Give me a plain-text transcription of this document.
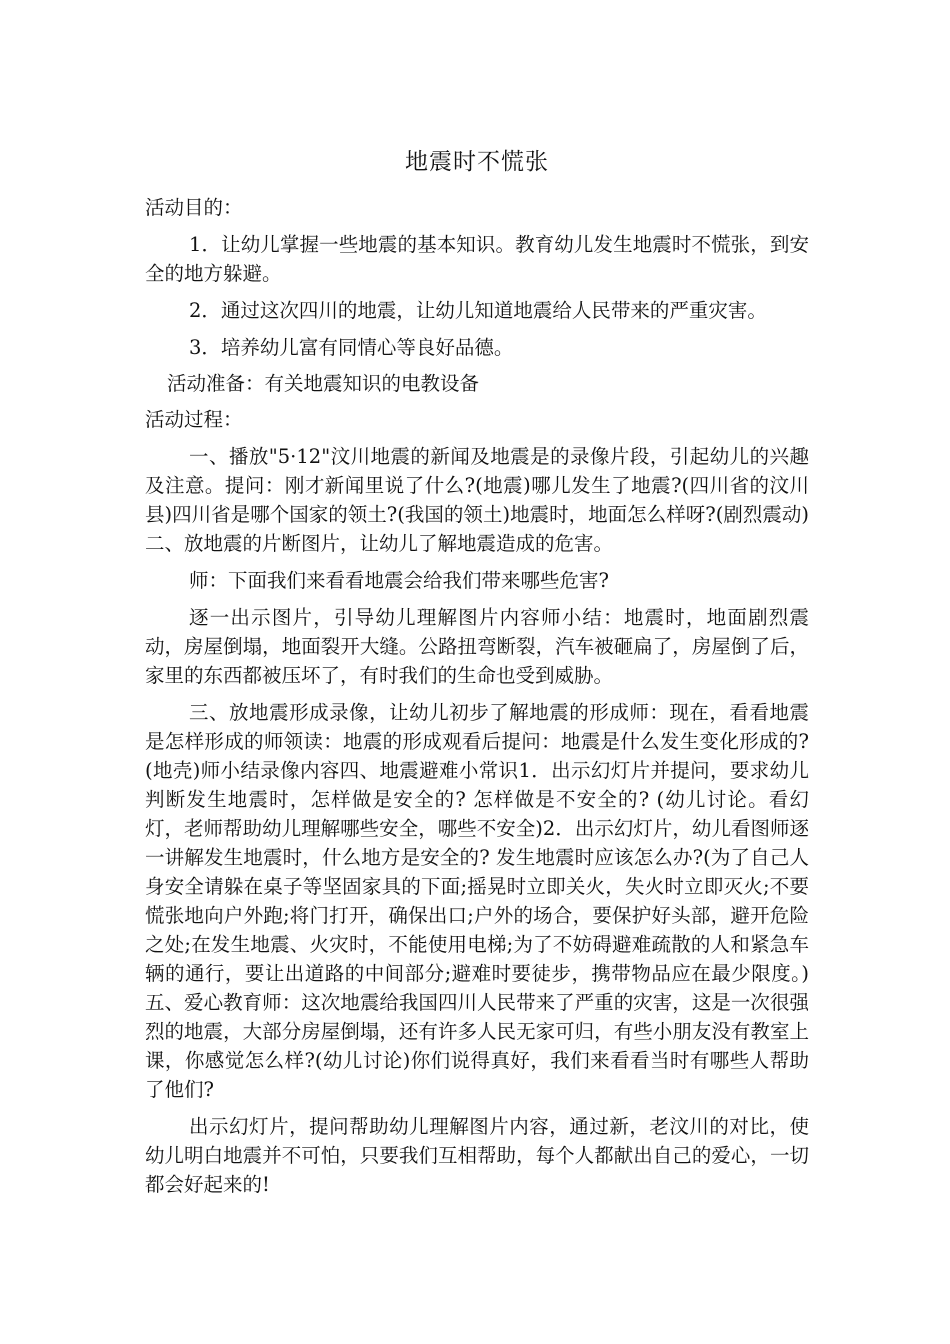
地震时不慌张
活动目的：

1．让幼儿掌握一些地震的基本知识。教育幼儿发生地震时不慌张，到安全的地方躲避。

2．通过这次四川的地震，让幼儿知道地震给人民带来的严重灾害。

3．培养幼儿富有同情心等良好品德。

活动准备：有关地震知识的电教设备
活动过程：

一、播放"5·12"汶川地震的新闻及地震是的录像片段，引起幼儿的兴趣及注意。提问：刚才新闻里说了什么?(地震)哪儿发生了地震?(四川省的汶川县)四川省是哪个国家的领土?(我国的领土)地震时，地面怎么样呀?(剧烈震动)二、放地震的片断图片，让幼儿了解地震造成的危害。

师：下面我们来看看地震会给我们带来哪些危害?

逐一出示图片，引导幼儿理解图片内容师小结：地震时，地面剧烈震动，房屋倒塌，地面裂开大缝。公路扭弯断裂，汽车被砸扁了，房屋倒了后，家里的东西都被压坏了，有时我们的生命也受到威胁。

三、放地震形成录像，让幼儿初步了解地震的形成师：现在，看看地震是怎样形成的师领读：地震的形成观看后提问：地震是什么发生变化形成的?(地壳)师小结录像内容四、地震避难小常识1．出示幻灯片并提问，要求幼儿判断发生地震时，怎样做是安全的? 怎样做是不安全的? (幼儿讨论。看幻灯，老师帮助幼儿理解哪些安全，哪些不安全)2．出示幻灯片，幼儿看图师逐一讲解发生地震时，什么地方是安全的? 发生地震时应该怎么办?(为了自己人身安全请躲在桌子等坚固家具的下面;摇晃时立即关火，失火时立即灭火;不要慌张地向户外跑;将门打开，确保出口;户外的场合，要保护好头部，避开危险之处;在发生地震、火灾时，不能使用电梯;为了不妨碍避难疏散的人和紧急车辆的通行，要让出道路的中间部分;避难时要徒步，携带物品应在最少限度。)五、爱心教育师：这次地震给我国四川人民带来了严重的灾害，这是一次很强烈的地震，大部分房屋倒塌，还有许多人民无家可归，有些小朋友没有教室上课，你感觉怎么样?(幼儿讨论)你们说得真好，我们来看看当时有哪些人帮助了他们?

出示幻灯片，提问帮助幼儿理解图片内容，通过新，老汶川的对比，使幼儿明白地震并不可怕，只要我们互相帮助，每个人都献出自己的爱心，一切都会好起来的!
